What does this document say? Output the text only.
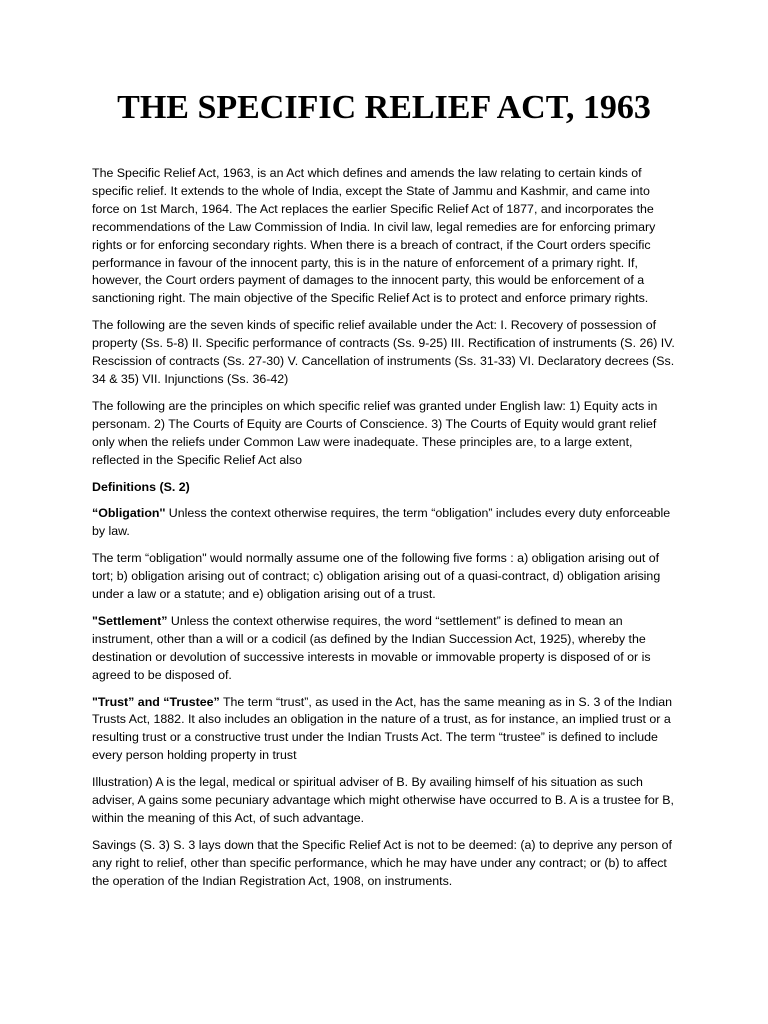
THE SPECIFIC RELIEF ACT, 1963

The Specific Relief Act, 1963, is an Act which defines and amends the law relating to certain kinds of specific relief. It extends to the whole of India, except the State of Jammu and Kashmir, and came into force on 1st March, 1964. The Act replaces the earlier Specific Relief Act of 1877, and incorporates the recommendations of the Law Commission of India. In civil law, legal remedies are for enforcing primary rights or for enforcing secondary rights. When there is a breach of contract, if the Court orders specific performance in favour of the innocent party, this is in the nature of enforcement of a primary right. If, however, the Court orders payment of damages to the innocent party, this would be enforcement of a sanctioning right. The main objective of the Specific Relief Act is to protect and enforce primary rights.

The following are the seven kinds of specific relief available under the Act: I. Recovery of possession of property (Ss. 5-8) II. Specific performance of contracts (Ss. 9-25) III. Rectification of instruments (S. 26) IV. Rescission of contracts (Ss. 27-30) V. Cancellation of instruments (Ss. 31-33) VI. Declaratory decrees (Ss. 34 & 35) VII. Injunctions (Ss. 36-42)

The following are the principles on which specific relief was granted under English law: 1) Equity acts in personam. 2) The Courts of Equity are Courts of Conscience. 3) The Courts of Equity would grant relief only when the reliefs under Common Law were inadequate. These principles are, to a large extent, reflected in the Specific Relief Act also

Definitions (S. 2)

“Obligation'' Unless the context otherwise requires, the term “obligation” includes every duty enforceable by law.

The term “obligation" would normally assume one of the following five forms : a) obligation arising out of tort; b) obligation arising out of contract; c) obligation arising out of a quasi-contract, d) obligation arising under a law or a statute; and e) obligation arising out of a trust.

"Settlement” Unless the context otherwise requires, the word “settlement” is defined to mean an instrument, other than a will or a codicil (as defined by the Indian Succession Act, 1925), whereby the destination or devolution of successive interests in movable or immovable property is disposed of or is agreed to be disposed of.

"Trust” and “Trustee” The term “trust”, as used in the Act, has the same meaning as in S. 3 of the Indian Trusts Act, 1882. It also includes an obligation in the nature of a trust, as for instance, an implied trust or a resulting trust or a constructive trust under the Indian Trusts Act. The term “trustee” is defined to include every person holding property in trust

Illustration) A is the legal, medical or spiritual adviser of B. By availing himself of his situation as such adviser, A gains some pecuniary advantage which might otherwise have occurred to B. A is a trustee for B, within the meaning of this Act, of such advantage.

Savings (S. 3) S. 3 lays down that the Specific Relief Act is not to be deemed: (a) to deprive any person of any right to relief, other than specific performance, which he may have under any contract; or (b) to affect the operation of the Indian Registration Act, 1908, on instruments.
